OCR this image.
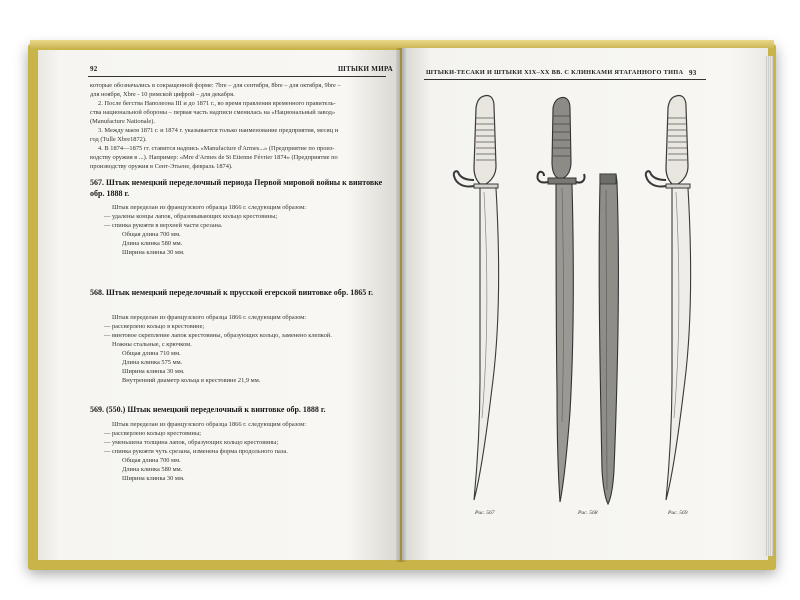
92	ШТЫКИ МИРА
которые обозначались в сокращенной форме: 7bre – для сентября, 8bre – для октября, 9bre –
для ноября, Xbre - 10 римской цифрой – для декабря.
2. После бегства Наполеона III и до 1871 г., во время правления временного правитель-
ства национальной обороны – первая часть надписи сменилась на «Национальный завод»
(Manufacture Nationale).
3. Между маем 1871 г. и 1874 г. указывается только наименование предприятия, месяц и
год (Tulle Xbre1872).
4. В 1874—1875 гг. ставится надпись «Manufacture d'Armes...» (Предприятие по произ-
водству оружия в ...). Например: «Mre d'Armes de St Etienne Février 1874» (Предприятие по
производству оружия в Сент-Этьене, февраль 1874).
567. Штык немецкий переделочный периода Первой мировой войны к винтовке обр. 1888 г.
Штык переделан из французского образца 1866 г. следующим образом:
— удалены концы лапок, образовывающих кольцо крестовины;
— спинка рукояти в верхней части срезана.
Общая длина 700 мм.
Длина клинка 580 мм.
Ширина клинка 30 мм.
568. Штык немецкий переделочный к прусской егерской винтовке обр. 1865 г.
Штык переделан из французского образца 1866 г. следующим образом:
— рассверлено кольцо в крестовине;
— винтовое скрепление лапок крестовины, образующих кольцо, заменено клепкой.
Ножны стальные, с крючком.
Общая длина 710 мм.
Длина клинка 575 мм.
Ширина клинка 30 мм.
Внутренний диаметр кольца в крестовине 21,9 мм.
569. (550.) Штык немецкий переделочный к винтовке обр. 1888 г.
Штык переделан из французского образца 1866 г. следующим образом:
— рассверлено кольцо крестовины;
— уменьшена толщина лапок, образующих кольцо крестовины;
— спинка рукояти чуть срезана, изменена форма продольного паза.
Общая длина 700 мм.
Длина клинка 580 мм.
Ширина клинка 30 мм.
ШТЫКИ-ТЕСАКИ И ШТЫКИ XIX–XX ВВ. С КЛИНКАМИ ЯТАГАННОГО ТИПА 93
Рис. 567	Рис. 568	Рис. 569
